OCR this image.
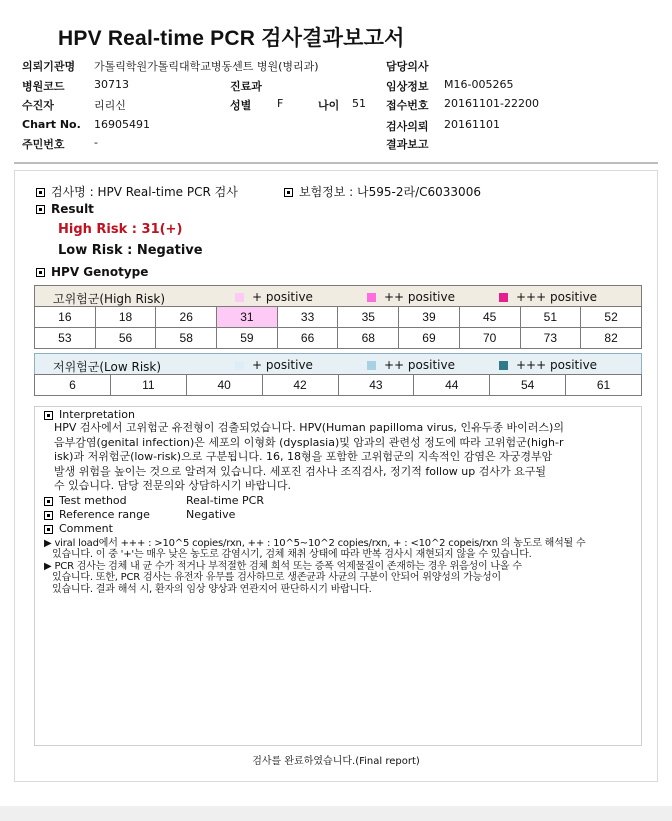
HPV Real-time PCR 검사결과보고서
의뢰기관명 가톨릭학원가톨릭대학교병동센트 병원(병리과)	담당의사
병원코드	30713	진료과	임상정보 M16-005265
수진자	리리신	성별 F	나이 51 접수번호 20161101-22200
Chart No. 16905491	검사의뢰 20161101
주민번호	-	결과보고
검사명 : HPV Real-time PCR 검사	보험정보 : 나595-2라/C6033006
Result
High Risk : 31(+)
Low Risk : Negative
HPV Genotype
고위험군(High Risk)	+ positive	++ positive	+++ positive
16	18	26	31	33	35	39	45	51	52
53	56	58	59	66	68	69	70	73	82
저위험군(Low Risk)	+ positive	++ positive	+++ positive
6	11	40	42	43	44	54	61
Interpretation
HPV 검사에서 고위험군 유전형이 검출되었습니다. HPV(Human papilloma virus, 인유두종 바이러스)의
음부감염(genital infection)은 세포의 이형화 (dysplasia)및 암과의 관련성 정도에 따라 고위험군(high-r
isk)과 저위험군(low-risk)으로 구분됩니다. 16, 18형을 포함한 고위험군의 지속적인 감염은 자궁경부암
발생 위험을 높이는 것으로 알려져 있습니다. 세포진 검사나 조직검사, 정기적 follow up 검사가 요구될
수 있습니다. 담당 전문의와 상담하시기 바랍니다.
Test method	Real-time PCR
Reference range	Negative
Comment
▶ viral load에서 +++ : >10^5 copies/rxn, ++ : 10^5~10^2 copies/rxn, + : <10^2 copeis/rxn 의 농도로 해석될 수
있습니다. 이 중 '+'는 매우 낮은 농도로 감염시기, 검체 채취 상태에 따라 반복 검사시 재현되지 않을 수 있습니다.
▶ PCR 검사는 검체 내 균 수가 적거나 부적절한 검체 희석 또는 증폭 억제물질이 존재하는 경우 위음성이 나올 수
있습니다. 또한, PCR 검사는 유전자 유무를 검사하므로 생존균과 사균의 구분이 안되어 위양성의 가능성이
있습니다. 결과 해석 시, 환자의 임상 양상과 연관지어 판단하시기 바랍니다.
검사를 완료하였습니다.(Final report)
